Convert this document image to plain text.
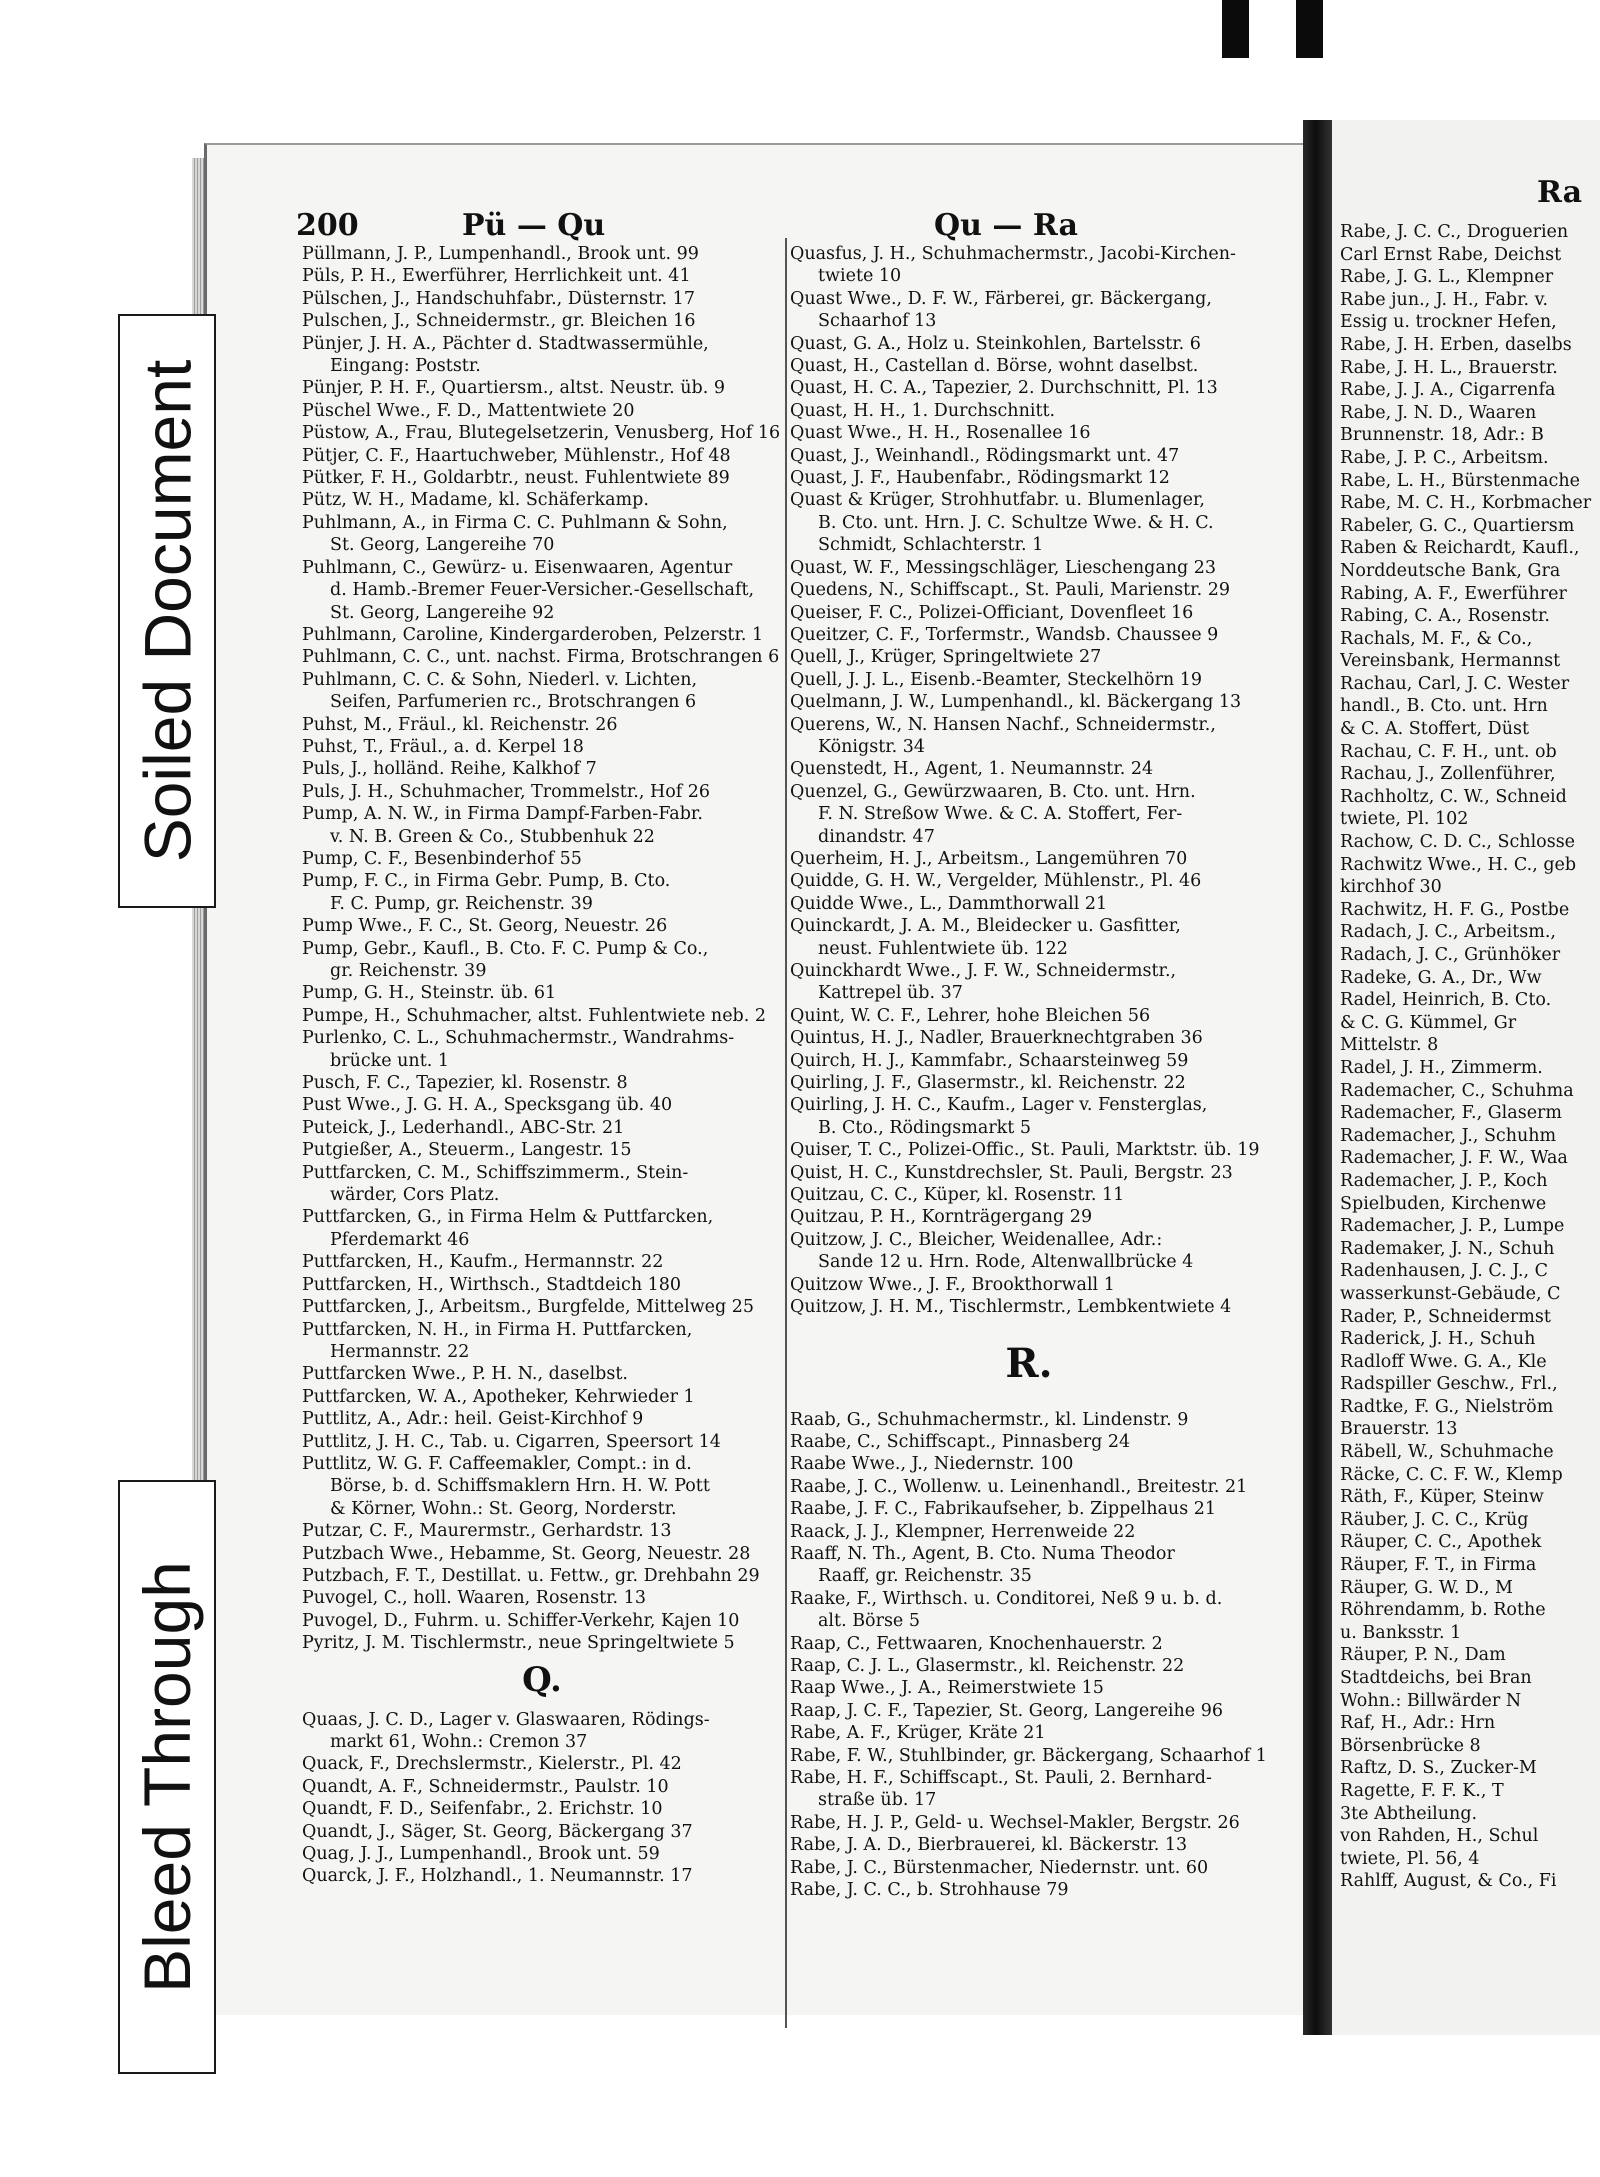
Ra
Rabe, J. C. C., Droguerien
Carl Ernst Rabe, Deichst
Rabe, J. G. L., Klempner
Rabe jun., J. H., Fabr. v.
Essig u. trockner Hefen,
Rabe, J. H. Erben, daselbs
Rabe, J. H. L., Brauerstr.
Rabe, J. J. A., Cigarrenfa
Rabe, J. N. D., Waaren
Brunnenstr. 18, Adr.: B
Rabe, J. P. C., Arbeitsm.
Rabe, L. H., Bürstenmache
Rabe, M. C. H., Korbmacher
Rabeler, G. C., Quartiersm
Raben & Reichardt, Kaufl.,
Norddeutsche Bank, Gra
Rabing, A. F., Ewerführer
Rabing, C. A., Rosenstr.
Rachals, M. F., & Co.,
Vereinsbank, Hermannst
Rachau, Carl, J. C. Wester
handl., B. Cto. unt. Hrn
& C. A. Stoffert, Düst
Rachau, C. F. H., unt. ob
Rachau, J., Zollenführer,
Rachholtz, C. W., Schneid
twiete, Pl. 102
Rachow, C. D. C., Schlosse
Rachwitz Wwe., H. C., geb
kirchhof 30
Rachwitz, H. F. G., Postbe
Radach, J. C., Arbeitsm.,
Radach, J. C., Grünhöker
Radeke, G. A., Dr., Ww
Radel, Heinrich, B. Cto.
& C. G. Kümmel, Gr
Mittelstr. 8
Radel, J. H., Zimmerm.
Rademacher, C., Schuhma
Rademacher, F., Glaserm
Rademacher, J., Schuhm
Rademacher, J. F. W., Waa
Rademacher, J. P., Koch
Spielbuden, Kirchenwe
Rademacher, J. P., Lumpe
Rademaker, J. N., Schuh
Radenhausen, J. C. J., C
wasserkunst-Gebäude, C
Rader, P., Schneidermst
Raderick, J. H., Schuh
Radloff Wwe. G. A., Kle
Radspiller Geschw., Frl.,
Radtke, F. G., Nielström
Brauerstr. 13
Räbell, W., Schuhmache
Räcke, C. C. F. W., Klemp
Räth, F., Küper, Steinw
Räuber, J. C. C., Krüg
Räuper, C. C., Apothek
Räuper, F. T., in Firma
Räuper, G. W. D., M
Röhrendamm, b. Rothe
u. Banksstr. 1
Räuper, P. N., Dam
Stadtdeichs, bei Bran
Wohn.: Billwärder N
Raf, H., Adr.: Hrn
Börsenbrücke 8
Raftz, D. S., Zucker-M
Ragette, F. F. K., T
3te Abtheilung.
von Rahden, H., Schul
twiete, Pl. 56, 4
Rahlff, August, & Co., Fi
Soiled Document
Bleed Through
200	Pü — Qu	Qu — Ra
Püllmann, J. P., Lumpenhandl., Brook unt. 99
Püls, P. H., Ewerführer, Herrlichkeit unt. 41
Pülschen, J., Handschuhfabr., Düsternstr. 17
Pulschen, J., Schneidermstr., gr. Bleichen 16
Pünjer, J. H. A., Pächter d. Stadtwassermühle,
Eingang: Poststr.
Pünjer, P. H. F., Quartiersm., altst. Neustr. üb. 9
Püschel Wwe., F. D., Mattentwiete 20
Püstow, A., Frau, Blutegelsetzerin, Venusberg, Hof 16
Pütjer, C. F., Haartuchweber, Mühlenstr., Hof 48
Pütker, F. H., Goldarbtr., neust. Fuhlentwiete 89
Pütz, W. H., Madame, kl. Schäferkamp.
Puhlmann, A., in Firma C. C. Puhlmann & Sohn,
St. Georg, Langereihe 70
Puhlmann, C., Gewürz- u. Eisenwaaren, Agentur
d. Hamb.-Bremer Feuer-Versicher.-Gesellschaft,
St. Georg, Langereihe 92
Puhlmann, Caroline, Kindergarderoben, Pelzerstr. 1
Puhlmann, C. C., unt. nachst. Firma, Brotschrangen 6
Puhlmann, C. C. & Sohn, Niederl. v. Lichten,
Seifen, Parfumerien rc., Brotschrangen 6
Puhst, M., Fräul., kl. Reichenstr. 26
Puhst, T., Fräul., a. d. Kerpel 18
Puls, J., holländ. Reihe, Kalkhof 7
Puls, J. H., Schuhmacher, Trommelstr., Hof 26
Pump, A. N. W., in Firma Dampf-Farben-Fabr.
v. N. B. Green & Co., Stubbenhuk 22
Pump, C. F., Besenbinderhof 55
Pump, F. C., in Firma Gebr. Pump, B. Cto.
F. C. Pump, gr. Reichenstr. 39
Pump Wwe., F. C., St. Georg, Neuestr. 26
Pump, Gebr., Kaufl., B. Cto. F. C. Pump & Co.,
gr. Reichenstr. 39
Pump, G. H., Steinstr. üb. 61
Pumpe, H., Schuhmacher, altst. Fuhlentwiete neb. 2
Purlenko, C. L., Schuhmachermstr., Wandrahms-
brücke unt. 1
Pusch, F. C., Tapezier, kl. Rosenstr. 8
Pust Wwe., J. G. H. A., Specksgang üb. 40
Puteick, J., Lederhandl., ABC-Str. 21
Putgießer, A., Steuerm., Langestr. 15
Puttfarcken, C. M., Schiffszimmerm., Stein-
wärder, Cors Platz.
Puttfarcken, G., in Firma Helm & Puttfarcken,
Pferdemarkt 46
Puttfarcken, H., Kaufm., Hermannstr. 22
Puttfarcken, H., Wirthsch., Stadtdeich 180
Puttfarcken, J., Arbeitsm., Burgfelde, Mittelweg 25
Puttfarcken, N. H., in Firma H. Puttfarcken,
Hermannstr. 22
Puttfarcken Wwe., P. H. N., daselbst.
Puttfarcken, W. A., Apotheker, Kehrwieder 1
Puttlitz, A., Adr.: heil. Geist-Kirchhof 9
Puttlitz, J. H. C., Tab. u. Cigarren, Speersort 14
Puttlitz, W. G. F. Caffeemakler, Compt.: in d.
Börse, b. d. Schiffsmaklern Hrn. H. W. Pott
& Körner, Wohn.: St. Georg, Norderstr.
Putzar, C. F., Maurermstr., Gerhardstr. 13
Putzbach Wwe., Hebamme, St. Georg, Neuestr. 28
Putzbach, F. T., Destillat. u. Fettw., gr. Drehbahn 29
Puvogel, C., holl. Waaren, Rosenstr. 13
Puvogel, D., Fuhrm. u. Schiffer-Verkehr, Kajen 10
Pyritz, J. M. Tischlermstr., neue Springeltwiete 5
Q.
Quaas, J. C. D., Lager v. Glaswaaren, Rödings-
markt 61, Wohn.: Cremon 37
Quack, F., Drechslermstr., Kielerstr., Pl. 42
Quandt, A. F., Schneidermstr., Paulstr. 10
Quandt, F. D., Seifenfabr., 2. Erichstr. 10
Quandt, J., Säger, St. Georg, Bäckergang 37
Quag, J. J., Lumpenhandl., Brook unt. 59
Quarck, J. F., Holzhandl., 1. Neumannstr. 17
Quasfus, J. H., Schuhmachermstr., Jacobi-Kirchen-
twiete 10
Quast Wwe., D. F. W., Färberei, gr. Bäckergang,
Schaarhof 13
Quast, G. A., Holz u. Steinkohlen, Bartelsstr. 6
Quast, H., Castellan d. Börse, wohnt daselbst.
Quast, H. C. A., Tapezier, 2. Durchschnitt, Pl. 13
Quast, H. H., 1. Durchschnitt.
Quast Wwe., H. H., Rosenallee 16
Quast, J., Weinhandl., Rödingsmarkt unt. 47
Quast, J. F., Haubenfabr., Rödingsmarkt 12
Quast & Krüger, Strohhutfabr. u. Blumenlager,
B. Cto. unt. Hrn. J. C. Schultze Wwe. & H. C.
Schmidt, Schlachterstr. 1
Quast, W. F., Messingschläger, Lieschengang 23
Quedens, N., Schiffscapt., St. Pauli, Marienstr. 29
Queiser, F. C., Polizei-Officiant, Dovenfleet 16
Queitzer, C. F., Torfermstr., Wandsb. Chaussee 9
Quell, J., Krüger, Springeltwiete 27
Quell, J. J. L., Eisenb.-Beamter, Steckelhörn 19
Quelmann, J. W., Lumpenhandl., kl. Bäckergang 13
Querens, W., N. Hansen Nachf., Schneidermstr.,
Königstr. 34
Quenstedt, H., Agent, 1. Neumannstr. 24
Quenzel, G., Gewürzwaaren, B. Cto. unt. Hrn.
F. N. Streßow Wwe. & C. A. Stoffert, Fer-
dinandstr. 47
Querheim, H. J., Arbeitsm., Langemühren 70
Quidde, G. H. W., Vergelder, Mühlenstr., Pl. 46
Quidde Wwe., L., Dammthorwall 21
Quinckardt, J. A. M., Bleidecker u. Gasfitter,
neust. Fuhlentwiete üb. 122
Quinckhardt Wwe., J. F. W., Schneidermstr.,
Kattrepel üb. 37
Quint, W. C. F., Lehrer, hohe Bleichen 56
Quintus, H. J., Nadler, Brauerknechtgraben 36
Quirch, H. J., Kammfabr., Schaarsteinweg 59
Quirling, J. F., Glasermstr., kl. Reichenstr. 22
Quirling, J. H. C., Kaufm., Lager v. Fensterglas,
B. Cto., Rödingsmarkt 5
Quiser, T. C., Polizei-Offic., St. Pauli, Marktstr. üb. 19
Quist, H. C., Kunstdrechsler, St. Pauli, Bergstr. 23
Quitzau, C. C., Küper, kl. Rosenstr. 11
Quitzau, P. H., Kornträgergang 29
Quitzow, J. C., Bleicher, Weidenallee, Adr.:
Sande 12 u. Hrn. Rode, Altenwallbrücke 4
Quitzow Wwe., J. F., Brookthorwall 1
Quitzow, J. H. M., Tischlermstr., Lembkentwiete 4
R.
Raab, G., Schuhmachermstr., kl. Lindenstr. 9
Raabe, C., Schiffscapt., Pinnasberg 24
Raabe Wwe., J., Niedernstr. 100
Raabe, J. C., Wollenw. u. Leinenhandl., Breitestr. 21
Raabe, J. F. C., Fabrikaufseher, b. Zippelhaus 21
Raack, J. J., Klempner, Herrenweide 22
Raaff, N. Th., Agent, B. Cto. Numa Theodor
Raaff, gr. Reichenstr. 35
Raake, F., Wirthsch. u. Conditorei, Neß 9 u. b. d.
alt. Börse 5
Raap, C., Fettwaaren, Knochenhauerstr. 2
Raap, C. J. L., Glasermstr., kl. Reichenstr. 22
Raap Wwe., J. A., Reimerstwiete 15
Raap, J. C. F., Tapezier, St. Georg, Langereihe 96
Rabe, A. F., Krüger, Kräte 21
Rabe, F. W., Stuhlbinder, gr. Bäckergang, Schaarhof 1
Rabe, H. F., Schiffscapt., St. Pauli, 2. Bernhard-
straße üb. 17
Rabe, H. J. P., Geld- u. Wechsel-Makler, Bergstr. 26
Rabe, J. A. D., Bierbrauerei, kl. Bäckerstr. 13
Rabe, J. C., Bürstenmacher, Niedernstr. unt. 60
Rabe, J. C. C., b. Strohhause 79
